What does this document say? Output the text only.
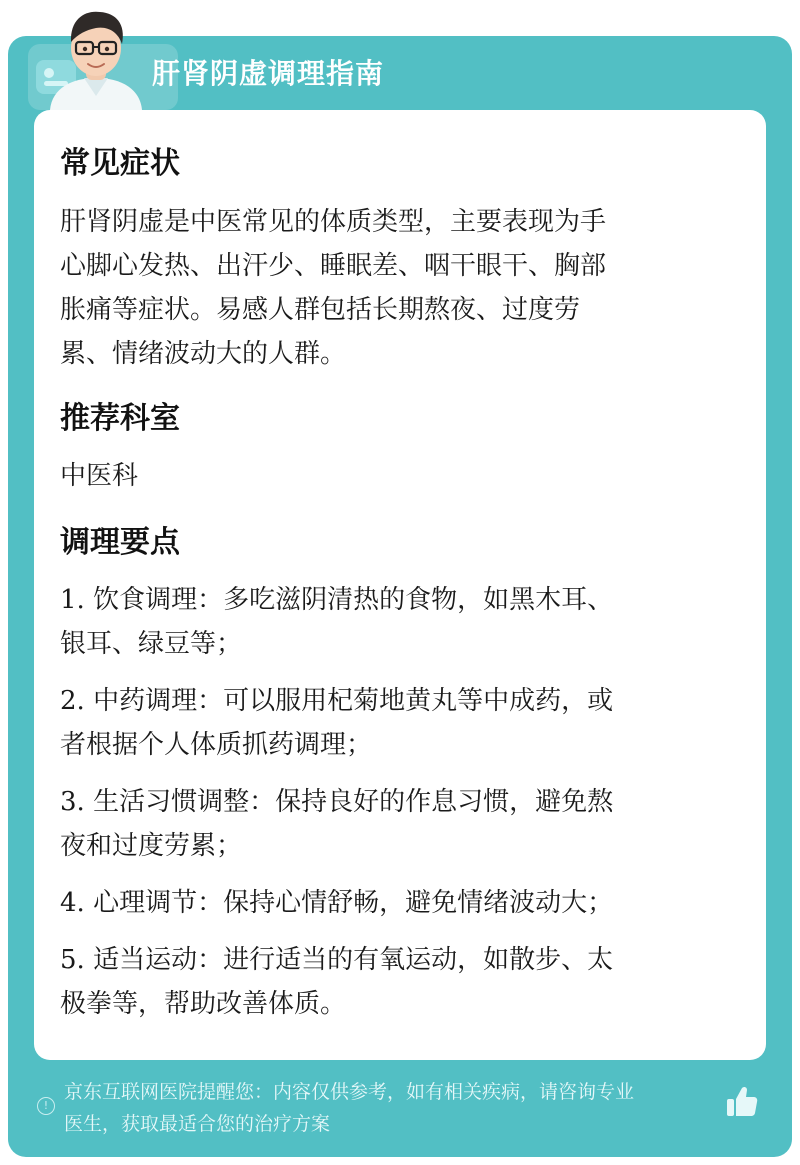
肝肾阴虚调理指南
常见症状
肝肾阴虚是中医常见的体质类型，主要表现为手
心脚心发热、出汗少、睡眠差、咽干眼干、胸部
胀痛等症状。易感人群包括长期熬夜、过度劳
累、情绪波动大的人群。
推荐科室
中医科
调理要点
1. 饮食调理：多吃滋阴清热的食物，如黑木耳、
银耳、绿豆等；
2. 中药调理：可以服用杞菊地黄丸等中成药，或
者根据个人体质抓药调理；
3. 生活习惯调整：保持良好的作息习惯，避免熬
夜和过度劳累；
4. 心理调节：保持心情舒畅，避免情绪波动大；
5. 适当运动：进行适当的有氧运动，如散步、太
极拳等，帮助改善体质。
!
京东互联网医院提醒您：内容仅供参考，如有相关疾病，请咨询专业
医生，获取最适合您的治疗方案
